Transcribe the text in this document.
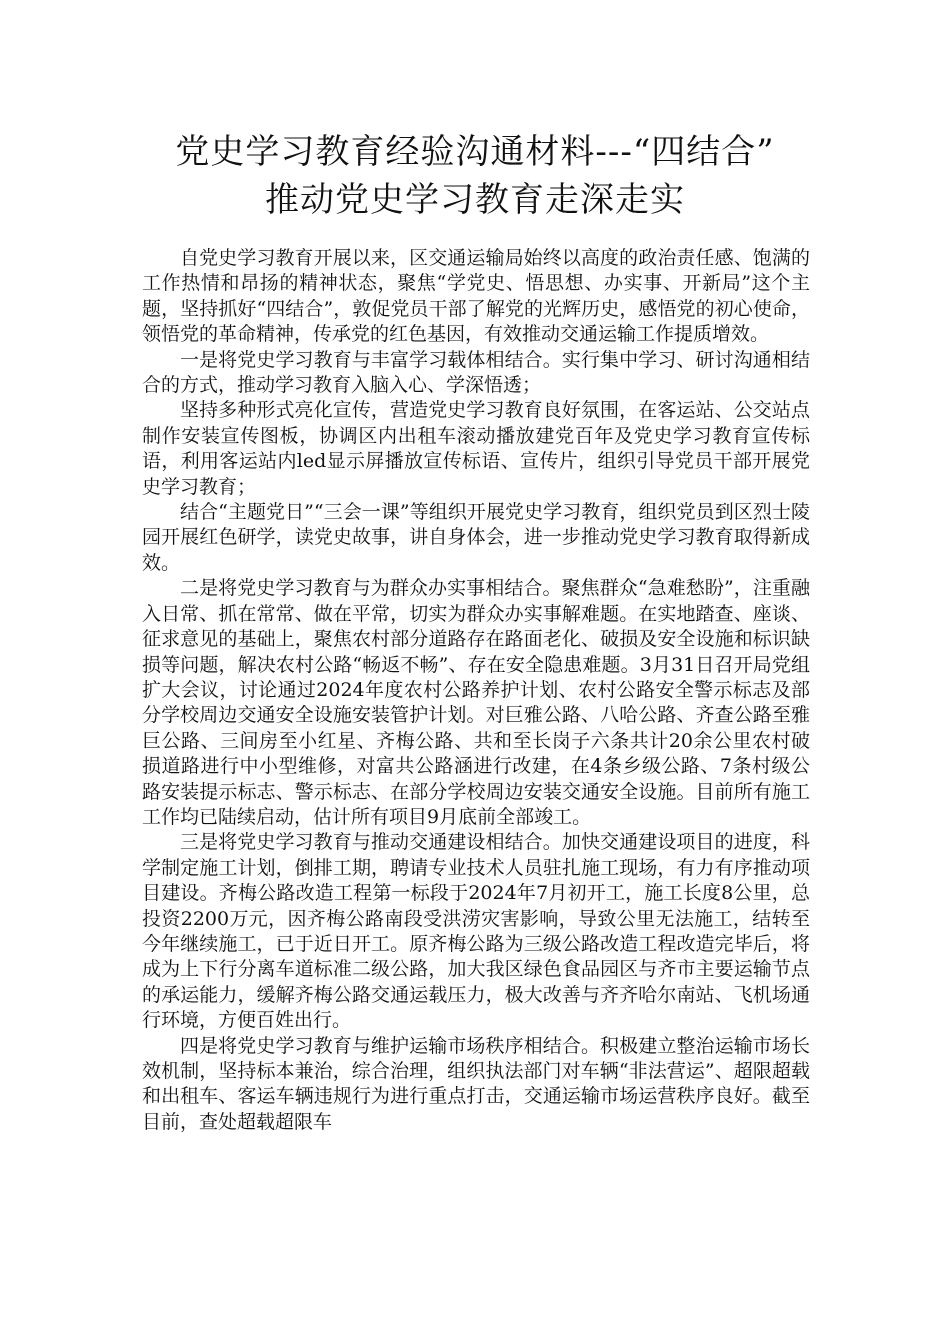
党史学习教育经验沟通材料---“四结合”
推动党史学习教育走深走实

自党史学习教育开展以来，区交通运输局始终以高度的政治责任感、饱满的工作热情和昂扬的精神状态，聚焦“学党史、悟思想、办实事、开新局”这个主题，坚持抓好“四结合”，敦促党员干部了解党的光辉历史，感悟党的初心使命，领悟党的革命精神，传承党的红色基因，有效推动交通运输工作提质增效。

一是将党史学习教育与丰富学习载体相结合。实行集中学习、研讨沟通相结合的方式，推动学习教育入脑入心、学深悟透；

坚持多种形式亮化宣传，营造党史学习教育良好氛围，在客运站、公交站点制作安装宣传图板，协调区内出租车滚动播放建党百年及党史学习教育宣传标语，利用客运站内led显示屏播放宣传标语、宣传片，组织引导党员干部开展党史学习教育；

结合“主题党日”“三会一课”等组织开展党史学习教育，组织党员到区烈士陵园开展红色研学，读党史故事，讲自身体会，进一步推动党史学习教育取得新成效。

二是将党史学习教育与为群众办实事相结合。聚焦群众“急难愁盼”，注重融入日常、抓在常常、做在平常，切实为群众办实事解难题。在实地踏查、座谈、征求意见的基础上，聚焦农村部分道路存在路面老化、破损及安全设施和标识缺损等问题，解决农村公路“畅返不畅”、存在安全隐患难题。3月31日召开局党组扩大会议，讨论通过2024年度农村公路养护计划、农村公路安全警示标志及部分学校周边交通安全设施安装管护计划。对巨雅公路、八哈公路、齐查公路至雅巨公路、三间房至小红星、齐梅公路、共和至长岗子六条共计20余公里农村破损道路进行中小型维修，对富共公路涵进行改建，在4条乡级公路、7条村级公路安装提示标志、警示标志、在部分学校周边安装交通安全设施。目前所有施工工作均已陆续启动，估计所有项目9月底前全部竣工。

三是将党史学习教育与推动交通建设相结合。加快交通建设项目的进度，科学制定施工计划，倒排工期，聘请专业技术人员驻扎施工现场，有力有序推动项目建设。齐梅公路改造工程第一标段于2024年7月初开工，施工长度8公里，总投资2200万元，因齐梅公路南段受洪涝灾害影响，导致公里无法施工，结转至今年继续施工，已于近日开工。原齐梅公路为三级公路改造工程改造完毕后，将成为上下行分离车道标准二级公路，加大我区绿色食品园区与齐市主要运输节点的承运能力，缓解齐梅公路交通运载压力，极大改善与齐齐哈尔南站、飞机场通行环境，方便百姓出行。

四是将党史学习教育与维护运输市场秩序相结合。积极建立整治运输市场长效机制，坚持标本兼治，综合治理，组织执法部门对车辆“非法营运”、超限超载和出租车、客运车辆违规行为进行重点打击，交通运输市场运营秩序良好。截至目前，查处超载超限车
